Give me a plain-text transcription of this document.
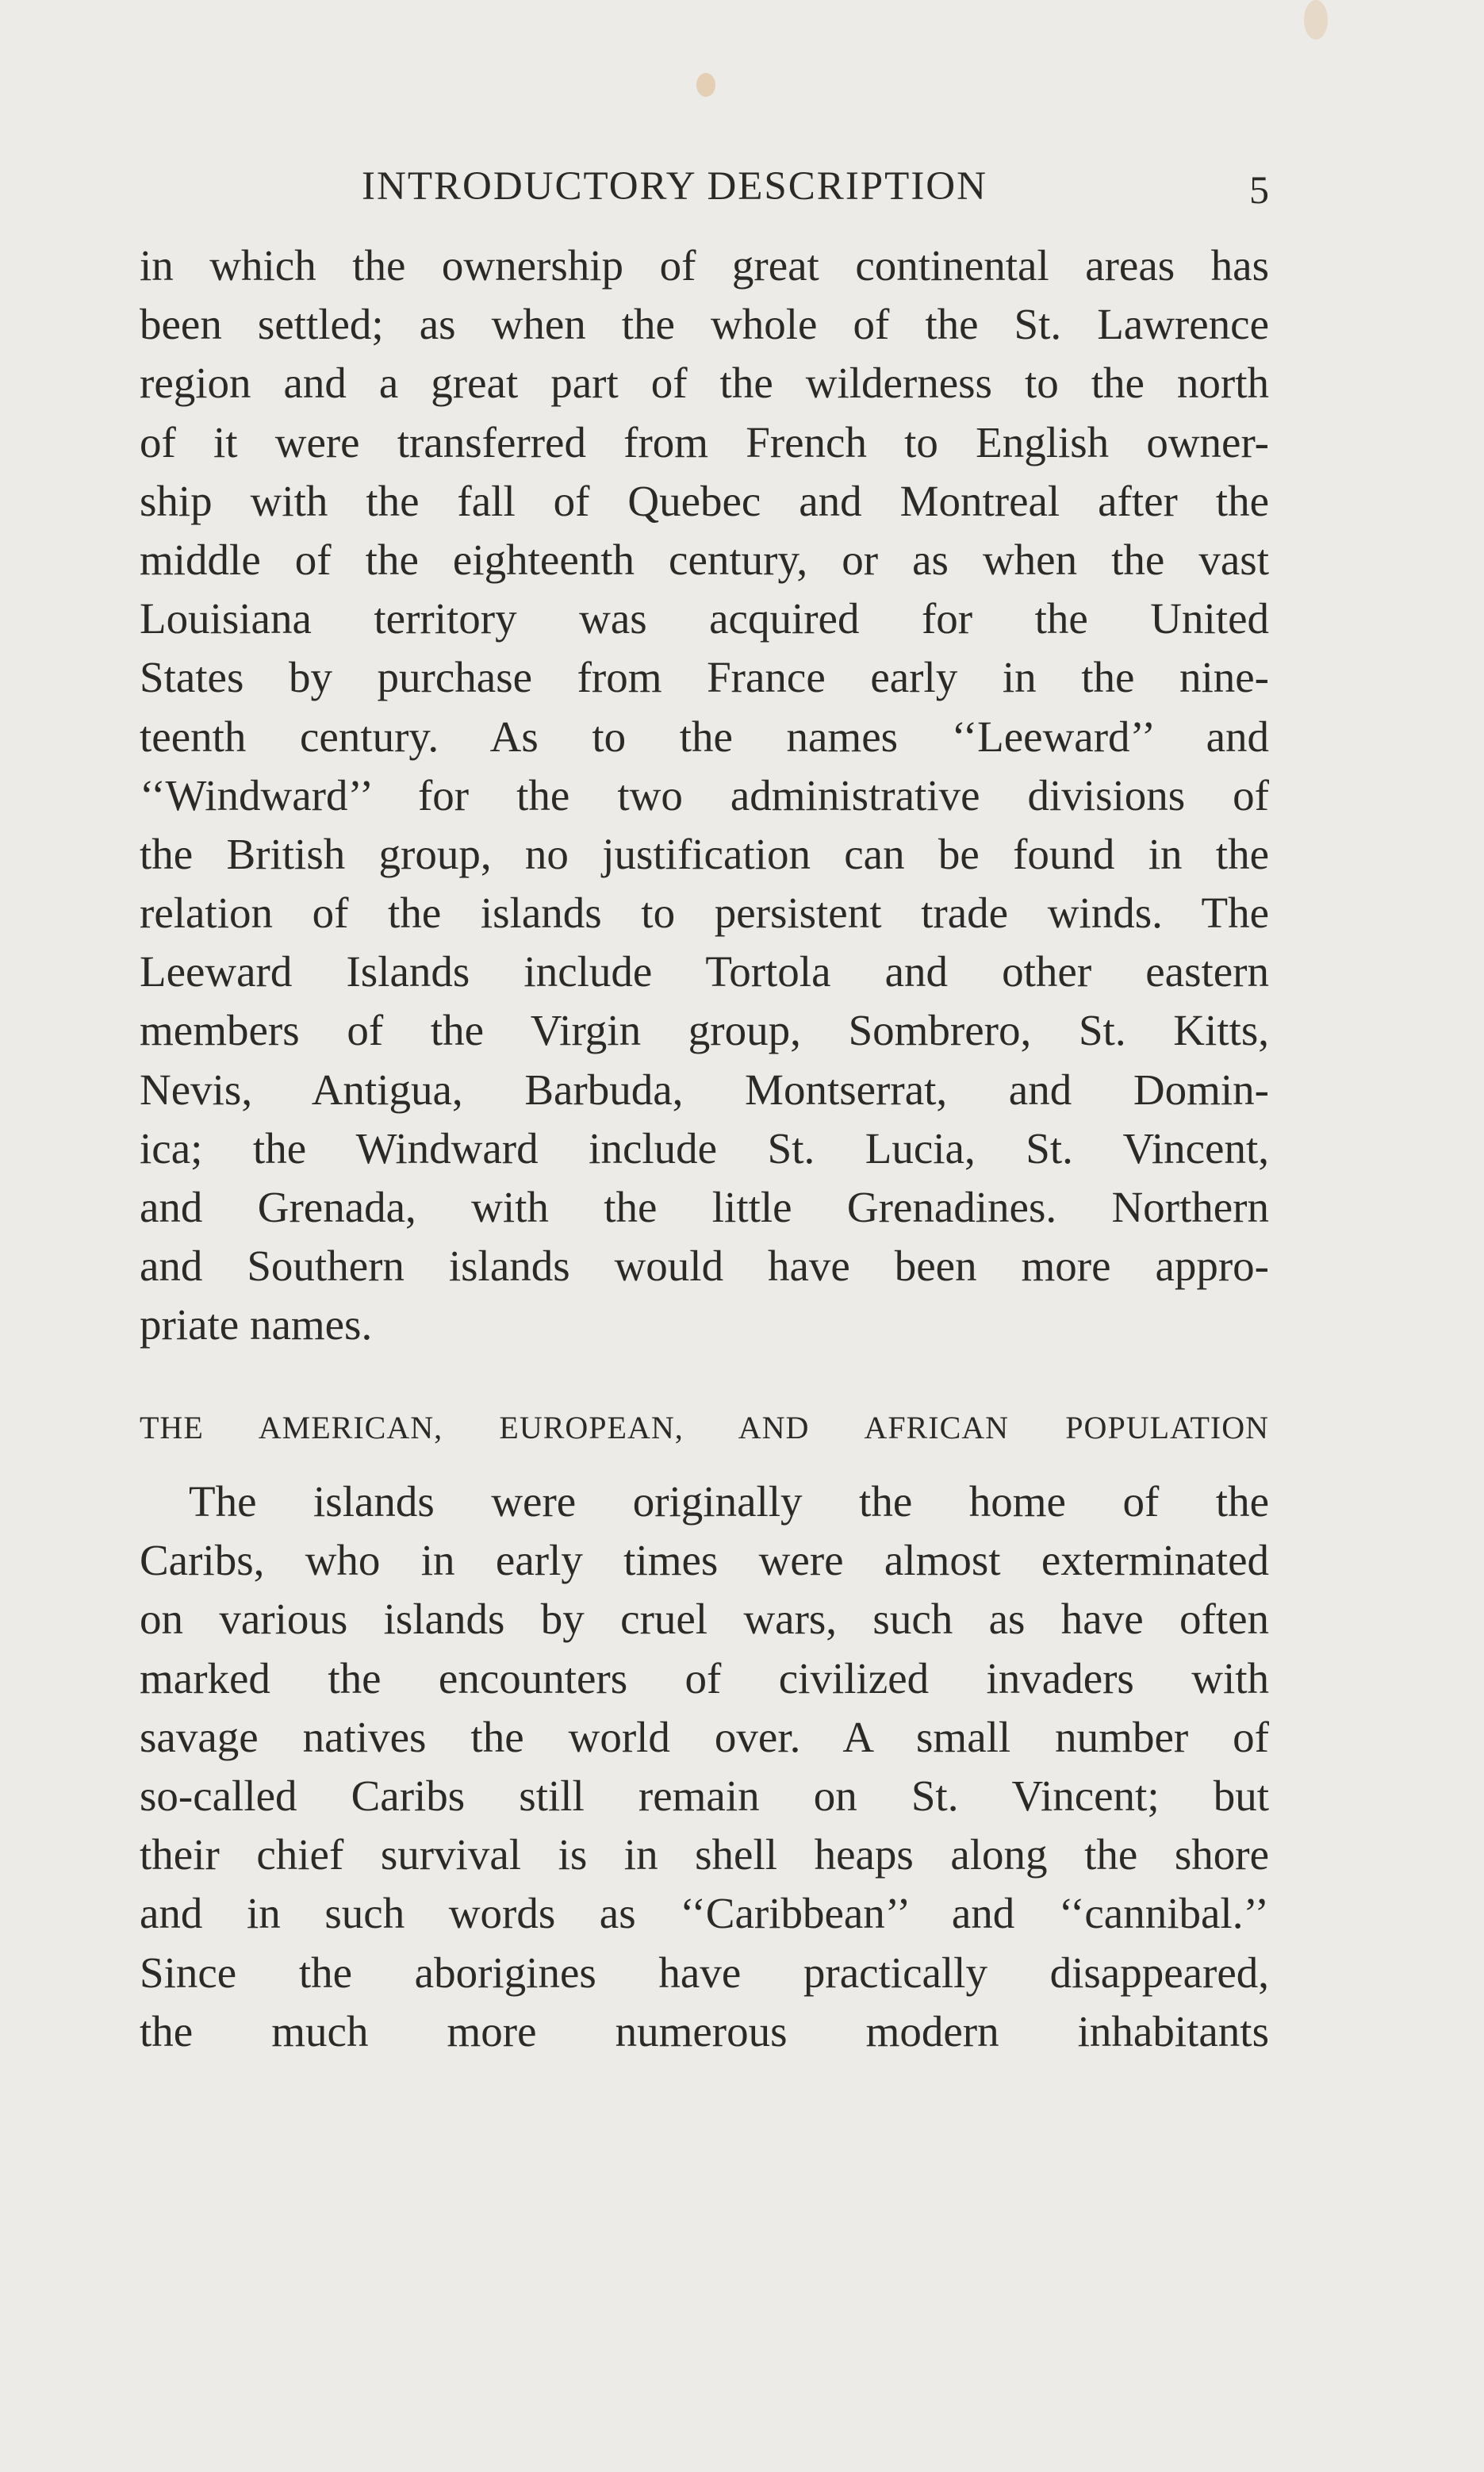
INTRODUCTORY DESCRIPTION	5
in which the ownership of great continental areas has
been settled; as when the whole of the St. Lawrence
region and a great part of the wilderness to the north
of it were transferred from French to English owner-
ship with the fall of Quebec and Montreal after the
middle of the eighteenth century, or as when the vast
Louisiana territory was acquired for the United
States by purchase from France early in the nine-
teenth century. As to the names ‘‘Leeward’’ and
‘‘Windward’’ for the two administrative divisions of
the British group, no justification can be found in the
relation of the islands to persistent trade winds. The
Leeward Islands include Tortola and other eastern
members of the Virgin group, Sombrero, St. Kitts,
Nevis, Antigua, Barbuda, Montserrat, and Domin-
ica; the Windward include St. Lucia, St. Vincent,
and Grenada, with the little Grenadines. Northern
and Southern islands would have been more appro-
priate names.
THE AMERICAN, EUROPEAN, AND AFRICAN POPULATION
The islands were originally the home of the
Caribs, who in early times were almost exterminated
on various islands by cruel wars, such as have often
marked the encounters of civilized invaders with
savage natives the world over. A small number of
so-called Caribs still remain on St. Vincent; but
their chief survival is in shell heaps along the shore
and in such words as ‘‘Caribbean’’ and ‘‘cannibal.’’
Since the aborigines have practically disappeared,
the much more numerous modern inhabitants
